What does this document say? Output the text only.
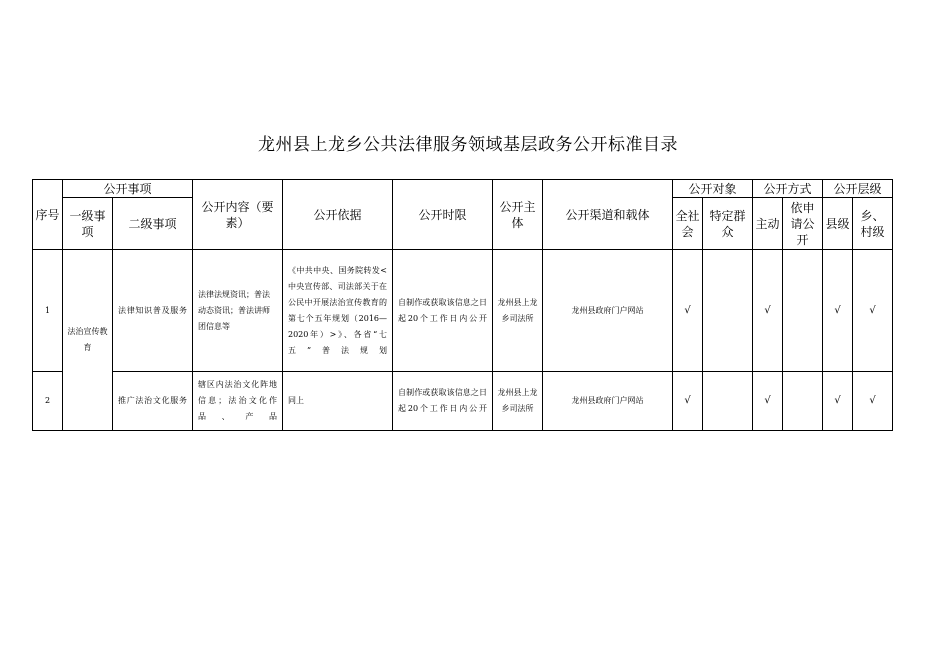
龙州县上龙乡公共法律服务领域基层政务公开标准目录
序号	公开事项		公开内容（要素）	公开依据	公开时限	公开主体	公开渠道和载体	公开对象		公开方式		公开层级	
	一级事项	二级事项						全社会	特定群众	主动	依申请公开	县级	乡、村级
1	法治宣传教育	法律知识普及服务	法律法规资讯；普法动态资讯；普法讲师团信息等	《中共中央、国务院转发<中央宣传部、司法部关于在公民中开展法治宣传教育的第七个五年规划（2016—2020年）>》、各省“七五”普法规划	自制作或获取该信息之日起20个工作日内公开	龙州县上龙乡司法所	龙州县政府门户网站	√		√		√	√
2		推广法治文化服务	辖区内法治文化阵地信息；法治文化作品、产品	同上	自制作或获取该信息之日起20个工作日内公开	龙州县上龙乡司法所	龙州县政府门户网站	√		√		√	√
